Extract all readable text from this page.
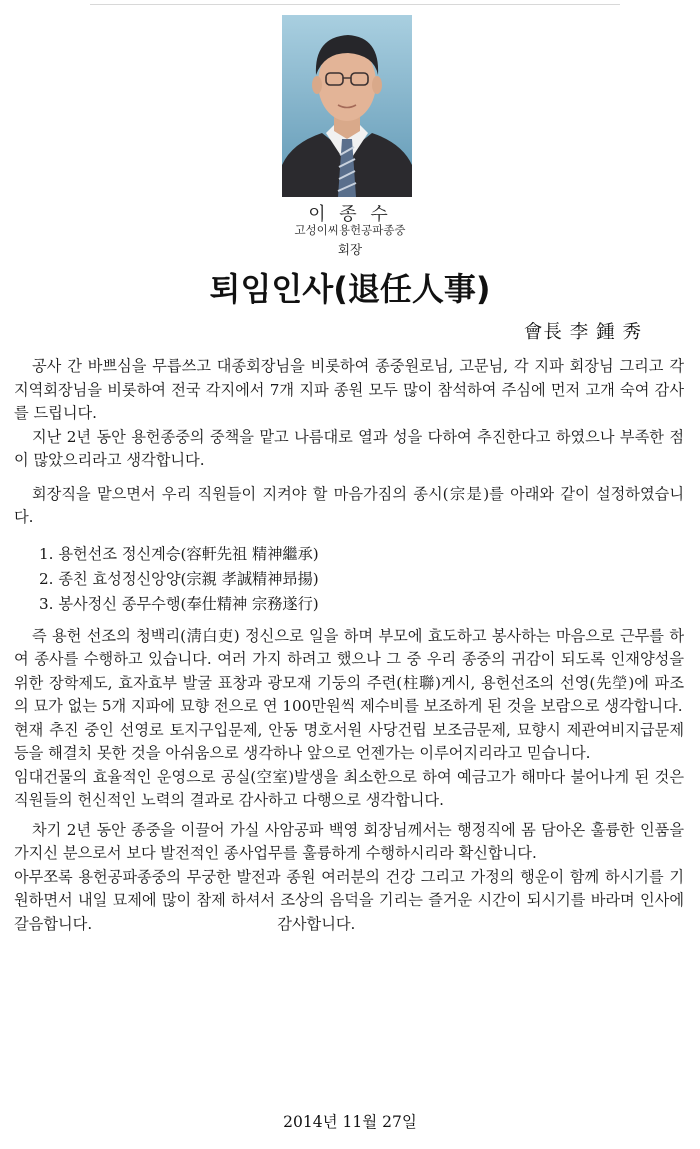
이 종 수
고성이씨용헌공파종중
회장
퇴임인사(退任人事)
會長 李 鍾 秀

공사 간 바쁘심을 무릅쓰고 대종회장님을 비롯하여 종중원로님, 고문님, 각 지파 회장님 그리고 각 지역회장님을 비롯하여 전국 각지에서 7개 지파 종원 모두 많이 참석하여 주심에 먼저 고개 숙여 감사를 드립니다.

지난 2년 동안 용헌종중의 중책을 맡고 나름대로 열과 성을 다하여 추진한다고 하였으나 부족한 점이 많았으리라고 생각합니다.

회장직을 맡으면서 우리 직원들이 지켜야 할 마음가짐의 종시(宗是)를 아래와 같이 설정하였습니다.

1. 용헌선조 정신계승(容軒先祖 精神繼承)
2. 종친 효성정신앙양(宗親 孝誠精神昻揚)
3. 봉사정신 종무수행(奉仕精神 宗務遂行)

즉 용헌 선조의 청백리(淸白吏) 정신으로 일을 하며 부모에 효도하고 봉사하는 마음으로 근무를 하여 종사를 수행하고 있습니다. 여러 가지 하려고 했으나 그 중 우리 종중의 귀감이 되도록 인재양성을 위한 장학제도, 효자효부 발굴 표창과 광모재 기둥의 주련(柱聯)게시, 용헌선조의 선영(先塋)에 파조의 묘가 없는 5개 지파에 묘향 전으로 연 100만원씩 제수비를 보조하게 된 것을 보람으로 생각합니다.

현재 추진 중인 선영로 토지구입문제, 안동 명호서원 사당건립 보조금문제, 묘향시 제관여비지급문제 등을 해결치 못한 것을 아쉬움으로 생각하나 앞으로 언젠가는 이루어지리라고 믿습니다.

임대건물의 효율적인 운영으로 공실(空室)발생을 최소한으로 하여 예금고가 해마다 불어나게 된 것은 직원들의 헌신적인 노력의 결과로 감사하고 다행으로 생각합니다.

차기 2년 동안 종중을 이끌어 가실 사암공파 백영 회장님께서는 행정직에 몸 담아온 훌륭한 인품을 가지신 분으로서 보다 발전적인 종사업무를 훌륭하게 수행하시리라 확신합니다.

아무쪼록 용헌공파종중의 무궁한 발전과 종원 여러분의 건강 그리고 가정의 행운이 함께 하시기를 기원하면서 내일 묘제에 많이 참제 하셔서 조상의 음덕을 기리는 즐거운 시간이 되시기를 바라며 인사에 갈음합니다.	감사합니다.

2014년 11월 27일
